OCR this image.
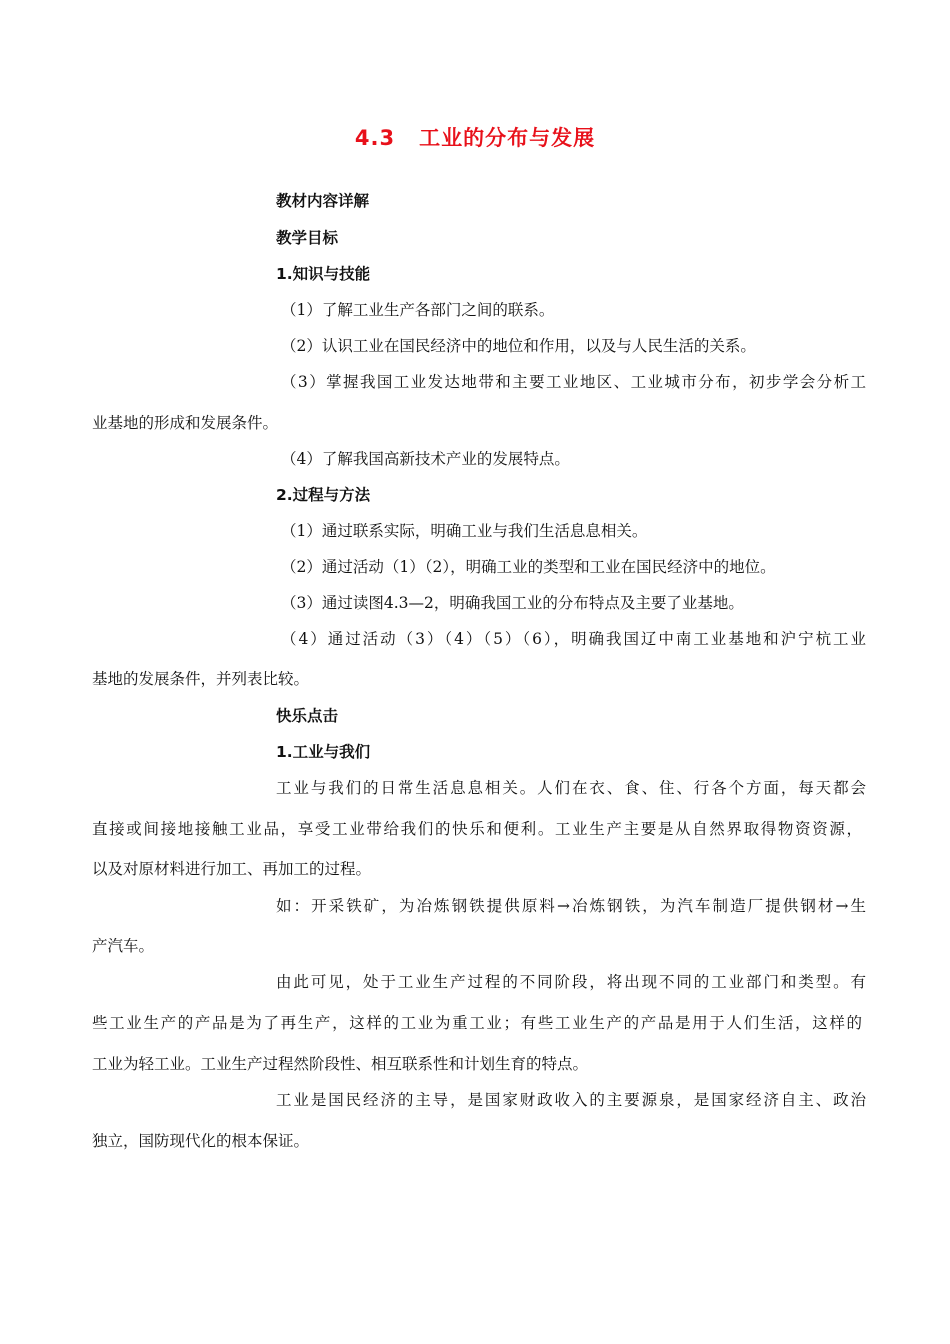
4.3 工业的分布与发展
教材内容详解
教学目标
1.知识与技能
（1）了解工业生产各部门之间的联系。
（2）认识工业在国民经济中的地位和作用，以及与人民生活的关系。
（3）掌握我国工业发达地带和主要工业地区、工业城市分布，初步学会分析工
业基地的形成和发展条件。
（4）了解我国高新技术产业的发展特点。
2.过程与方法
（1）通过联系实际，明确工业与我们生活息息相关。
（2）通过活动（1）（2），明确工业的类型和工业在国民经济中的地位。
（3）通过读图4.3—2，明确我国工业的分布特点及主要了业基地。
（4）通过活动（3）（4）（5）（6），明确我国辽中南工业基地和沪宁杭工业
基地的发展条件，并列表比较。
快乐点击
1.工业与我们
工业与我们的日常生活息息相关。人们在衣、食、住、行各个方面，每天都会
直接或间接地接触工业品，享受工业带给我们的快乐和便利。工业生产主要是从自然界取得物资资源，
以及对原材料进行加工、再加工的过程。
如：开采铁矿，为冶炼钢铁提供原料→冶炼钢铁，为汽车制造厂提供钢材→生
产汽车。
由此可见，处于工业生产过程的不同阶段，将出现不同的工业部门和类型。有
些工业生产的产品是为了再生产，这样的工业为重工业；有些工业生产的产品是用于人们生活，这样的
工业为轻工业。工业生产过程然阶段性、相互联系性和计划生育的特点。
工业是国民经济的主导，是国家财政收入的主要源泉，是国家经济自主、政治
独立，国防现代化的根本保证。
